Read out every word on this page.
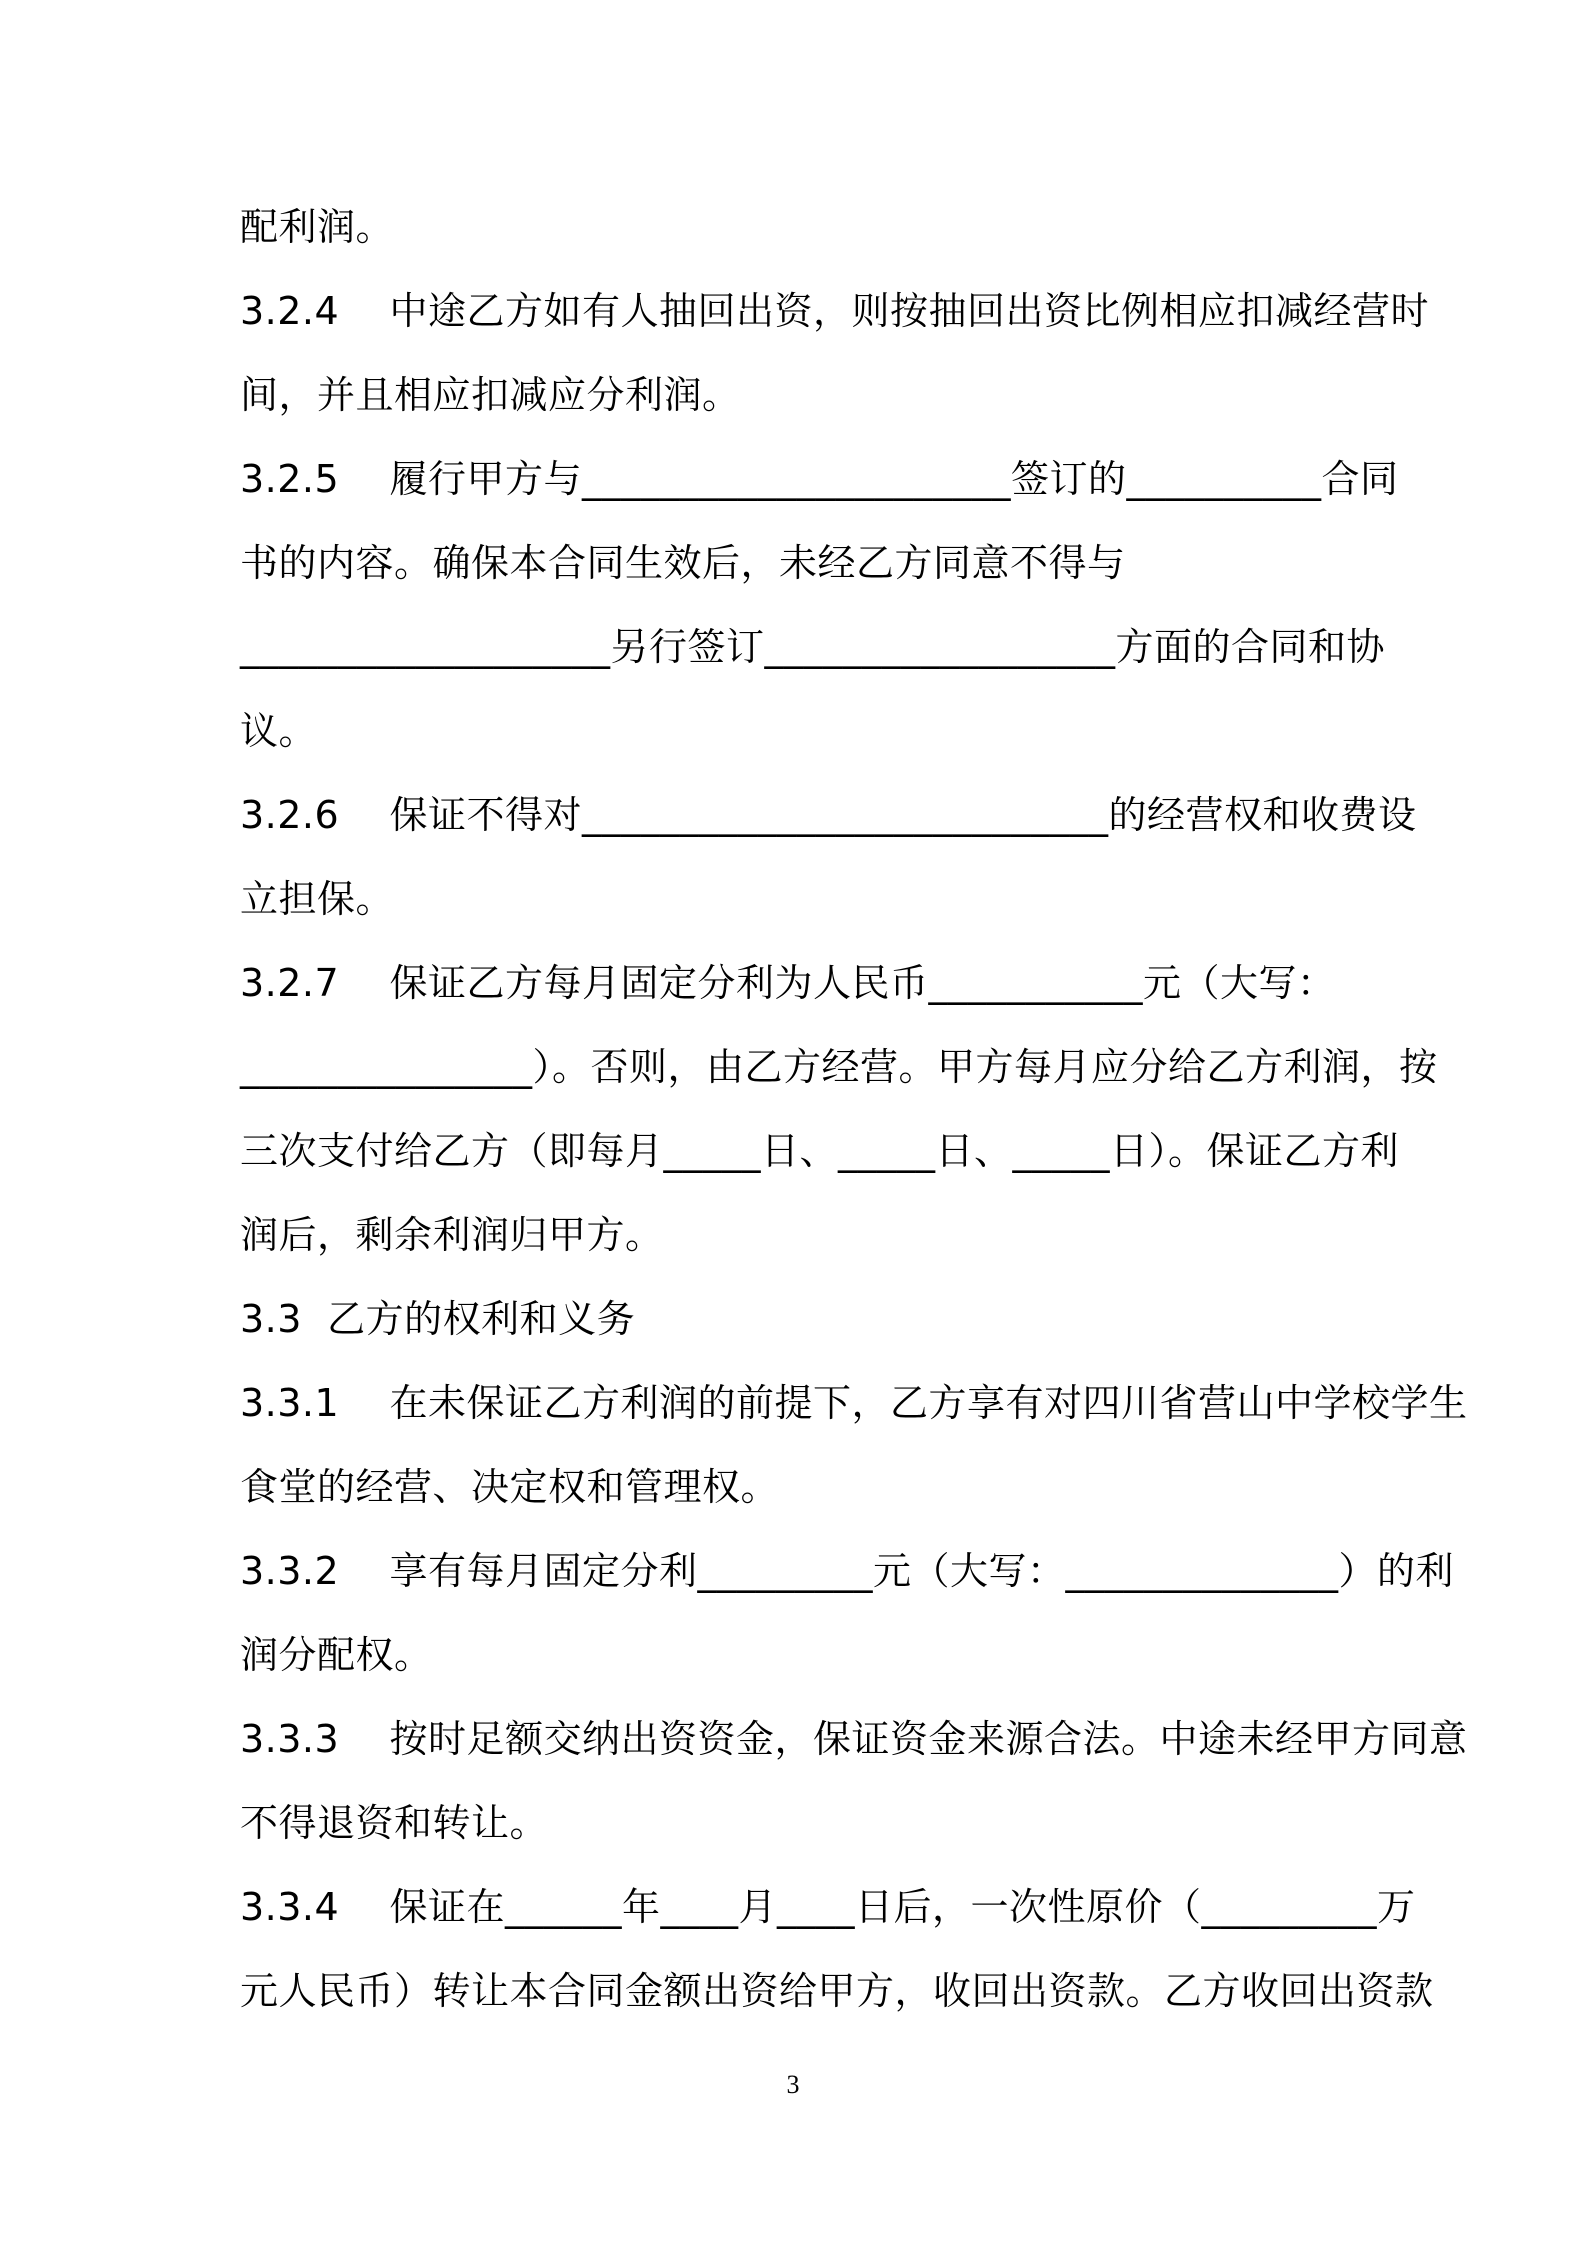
配利润。
3.2.4    中途乙方如有人抽回出资，则按抽回出资比例相应扣减经营时
间，并且相应扣减应分利润。
3.2.5    履行甲方与______________________签订的__________合同
书的内容。确保本合同生效后，未经乙方同意不得与
___________________另行签订__________________方面的合同和协
议。
3.2.6    保证不得对___________________________的经营权和收费设
立担保。
3.2.7    保证乙方每月固定分利为人民币___________元（大写：
_______________）。否则，由乙方经营。甲方每月应分给乙方利润，按
三次支付给乙方（即每月_____日、_____日、_____日）。保证乙方利
润后，剩余利润归甲方。
3.3  乙方的权利和义务
3.3.1    在未保证乙方利润的前提下，乙方享有对四川省营山中学校学生
食堂的经营、决定权和管理权。
3.3.2    享有每月固定分利_________元（大写：______________）的利
润分配权。
3.3.3    按时足额交纳出资资金，保证资金来源合法。中途未经甲方同意
不得退资和转让。
3.3.4    保证在______年____月____日后，一次性原价（_________万
元人民币）转让本合同金额出资给甲方，收回出资款。乙方收回出资款
3
